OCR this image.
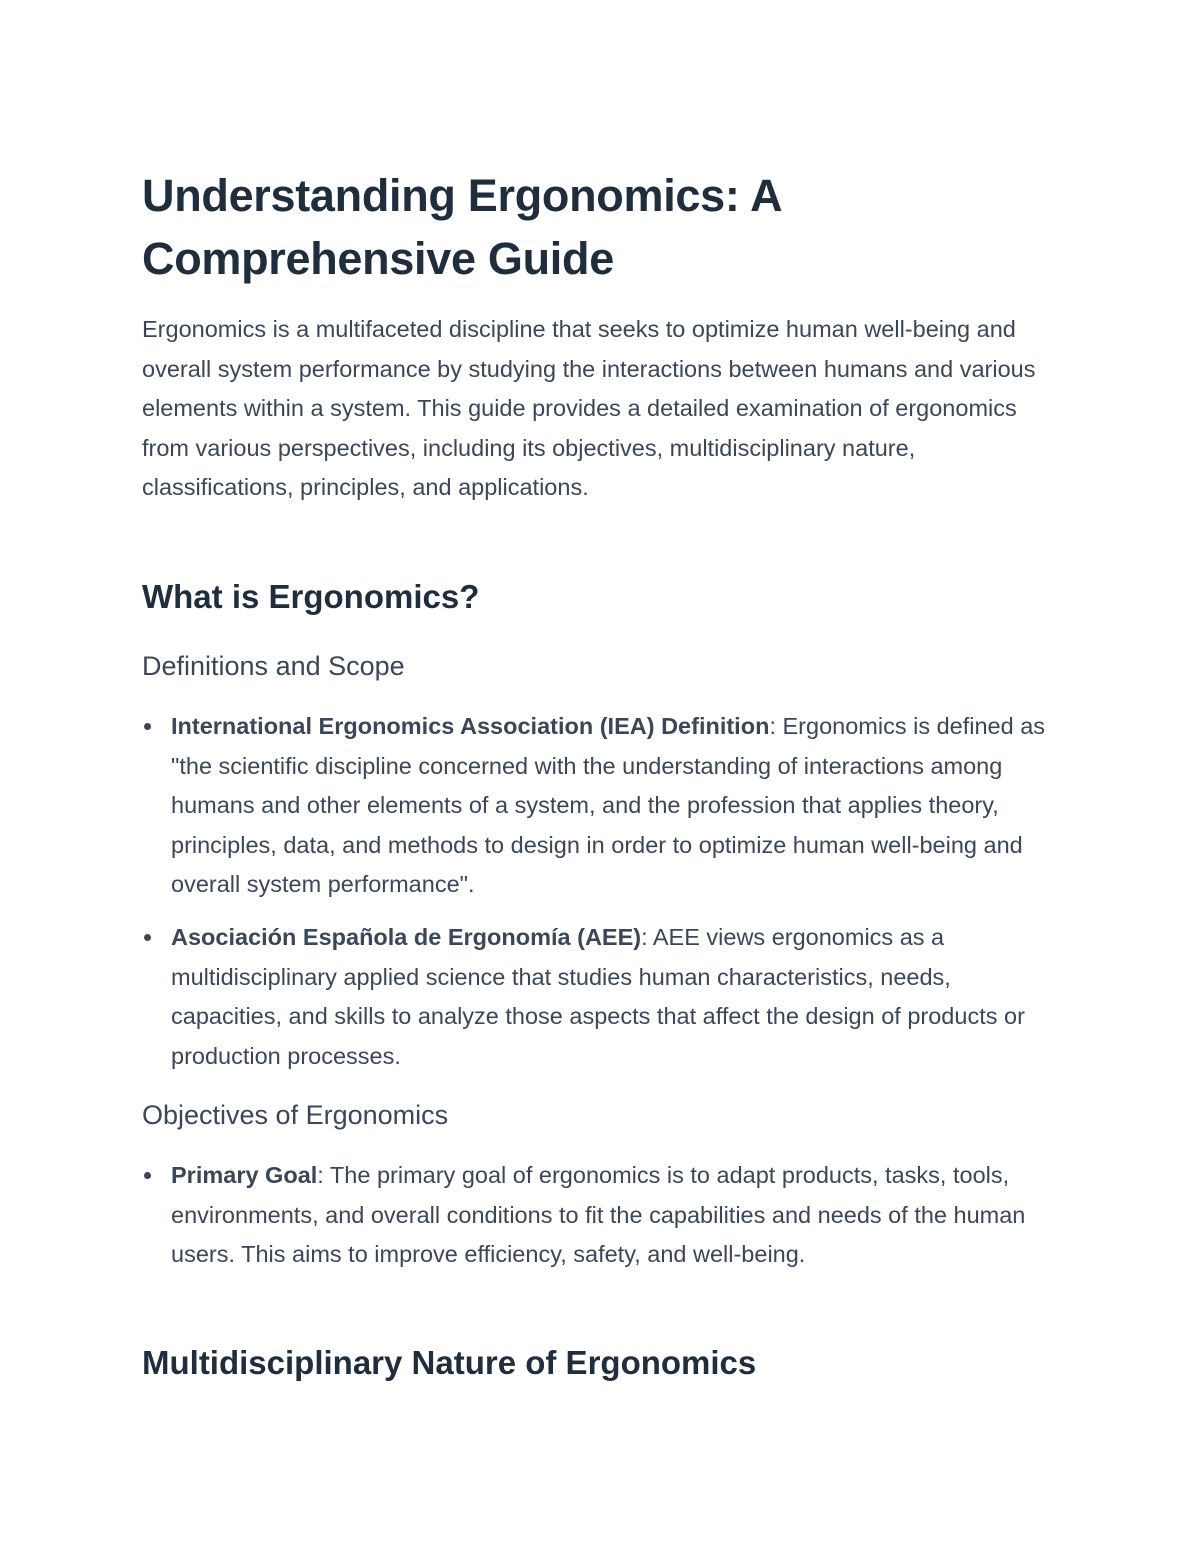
Understanding Ergonomics: A Comprehensive Guide

Ergonomics is a multifaceted discipline that seeks to optimize human well-being and overall system performance by studying the interactions between humans and various elements within a system. This guide provides a detailed examination of ergonomics from various perspectives, including its objectives, multidisciplinary nature, classifications, principles, and applications.

What is Ergonomics?
Definitions and Scope
International Ergonomics Association (IEA) Definition: Ergonomics is defined as "the scientific discipline concerned with the understanding of interactions among humans and other elements of a system, and the profession that applies theory, principles, data, and methods to design in order to optimize human well-being and overall system performance".
Asociación Española de Ergonomía (AEE): AEE views ergonomics as a multidisciplinary applied science that studies human characteristics, needs, capacities, and skills to analyze those aspects that affect the design of products or production processes.
Objectives of Ergonomics
Primary Goal: The primary goal of ergonomics is to adapt products, tasks, tools, environments, and overall conditions to fit the capabilities and needs of the human users. This aims to improve efficiency, safety, and well-being.
Multidisciplinary Nature of Ergonomics
